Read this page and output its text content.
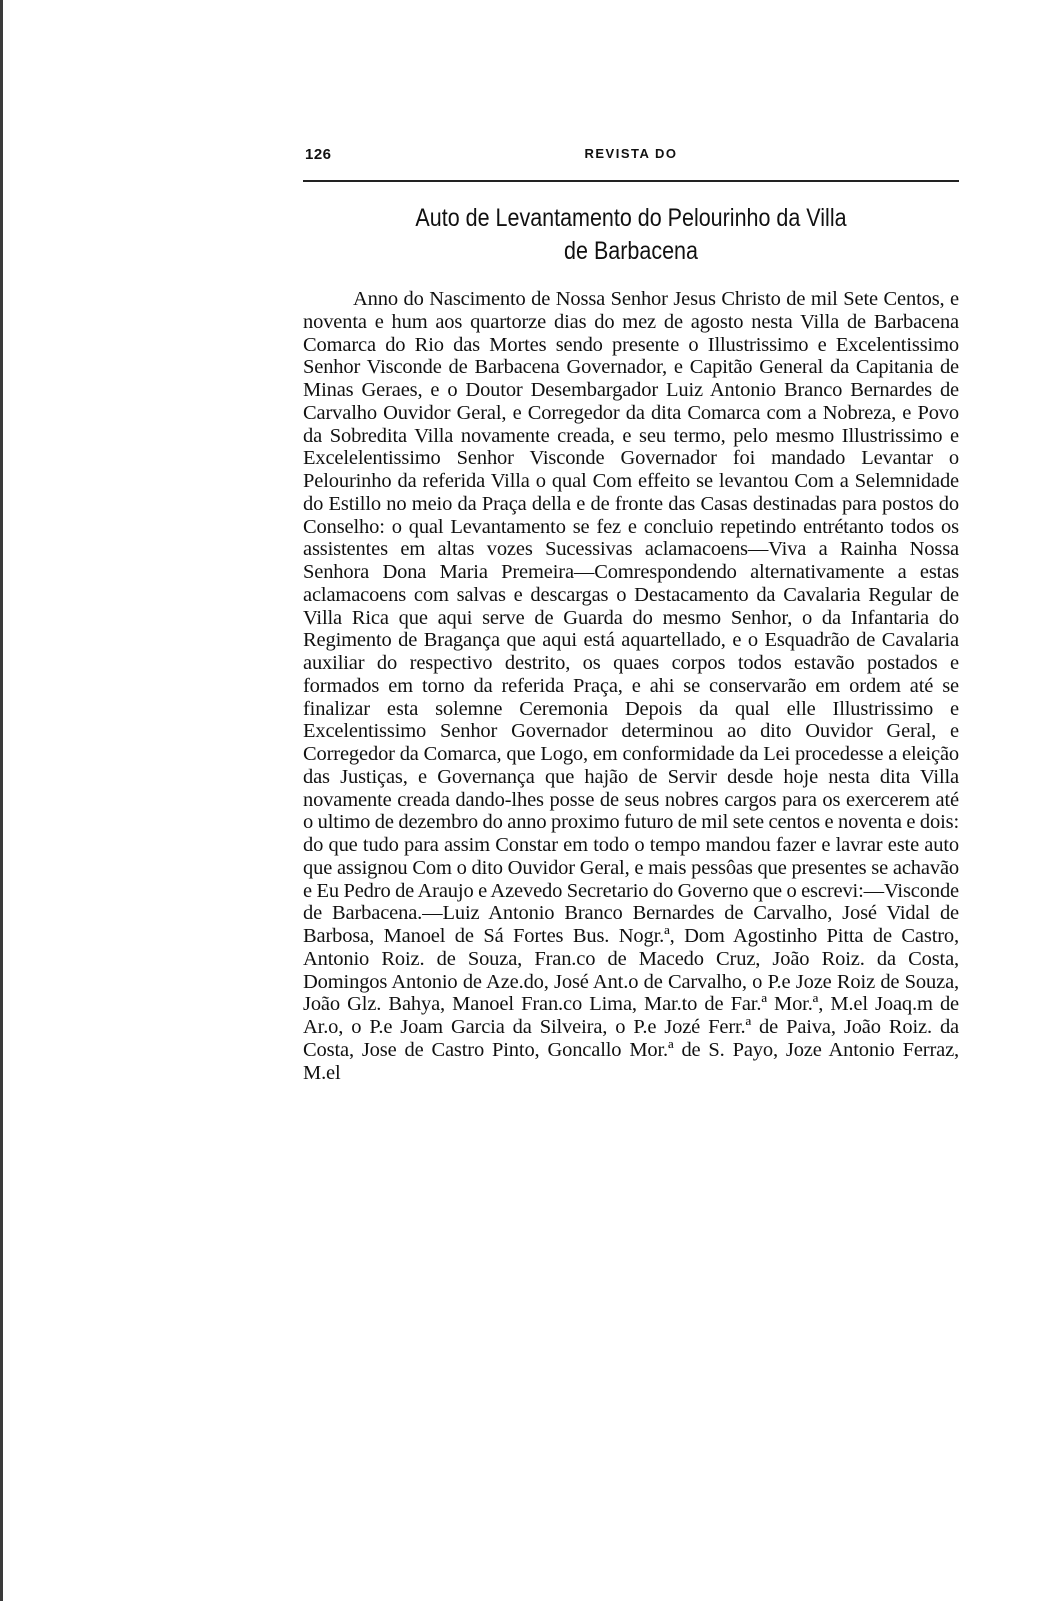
126	REVISTA DO
Auto de Levantamento do Pelourinho da Villa
de Barbacena

Anno do Nascimento de Nossa Senhor Jesus Christo de mil Sete Centos, e noventa e hum aos quartorze dias do mez de agosto nesta Villa de Barbacena Comarca do Rio das Mortes sendo presente o Illustrissimo e Excelentissimo Senhor Visconde de Barbacena Governador, e Capitão General da Capitania de Minas Geraes, e o Doutor Desembargador Luiz Antonio Branco Bernardes de Carvalho Ouvidor Geral, e Corregedor da dita Comarca com a Nobreza, e Povo da Sobredita Villa novamente creada, e seu termo, pelo mesmo Illustrissimo e Excelelentissimo Senhor Visconde Governador foi mandado Levantar o Pelourinho da referida Villa o qual Com effeito se levantou Com a Selemnidade do Estillo no meio da Praça della e de fronte das Casas destinadas para postos do Conselho: o qual Levantamento se fez e concluio repetindo entrétanto todos os assistentes em altas vozes Sucessivas aclamacoens—Viva a Rainha Nossa Senhora Dona Maria Premeira—Comrespondendo alternativamente a estas aclamacoens com salvas e descargas o Destacamento da Cavalaria Regular de Villa Rica que aqui serve de Guarda do mesmo Senhor, o da Infantaria do Regimento de Bragança que aqui está aquartellado, e o Esquadrão de Cavalaria auxiliar do respectivo destrito, os quaes corpos todos estavão postados e formados em torno da referida Praça, e ahi se conservarão em ordem até se finalizar esta solemne Ceremonia Depois da qual elle Illustrissimo e Excelentissimo Senhor Governador determinou ao dito Ouvidor Geral, e Corregedor da Comarca, que Logo, em conformidade da Lei procedesse a eleição das Justiças, e Governança que hajão de Servir desde hoje nesta dita Villa novamente creada dando-lhes posse de seus nobres cargos para os exercerem até o ultimo de dezembro do anno proximo futuro de mil sete centos e noventa e dois: do que tudo para assim Constar em todo o tempo mandou fazer e lavrar este auto que assignou Com o dito Ouvidor Geral, e mais pessôas que presentes se achavão e Eu Pedro de Araujo e Azevedo Secretario do Governo que o escrevi:—Visconde de Barbacena.—Luiz Antonio Branco Bernardes de Carvalho, José Vidal de Barbosa, Manoel de Sá Fortes Bus. Nogr.ª, Dom Agostinho Pitta de Castro, Antonio Roiz. de Souza, Fran.co de Macedo Cruz, João Roiz. da Costa, Domingos Antonio de Aze.do, José Ant.o de Carvalho, o P.e Joze Roiz de Souza, João Glz. Bahya, Manoel Fran.co Lima, Mar.to de Far.ª Mor.ª, M.el Joaq.m de Ar.o, o P.e Joam Garcia da Silveira, o P.e Jozé Ferr.ª de Paiva, João Roiz. da Costa, Jose de Castro Pinto, Goncallo Mor.ª de S. Payo, Joze Antonio Ferraz, M.el
